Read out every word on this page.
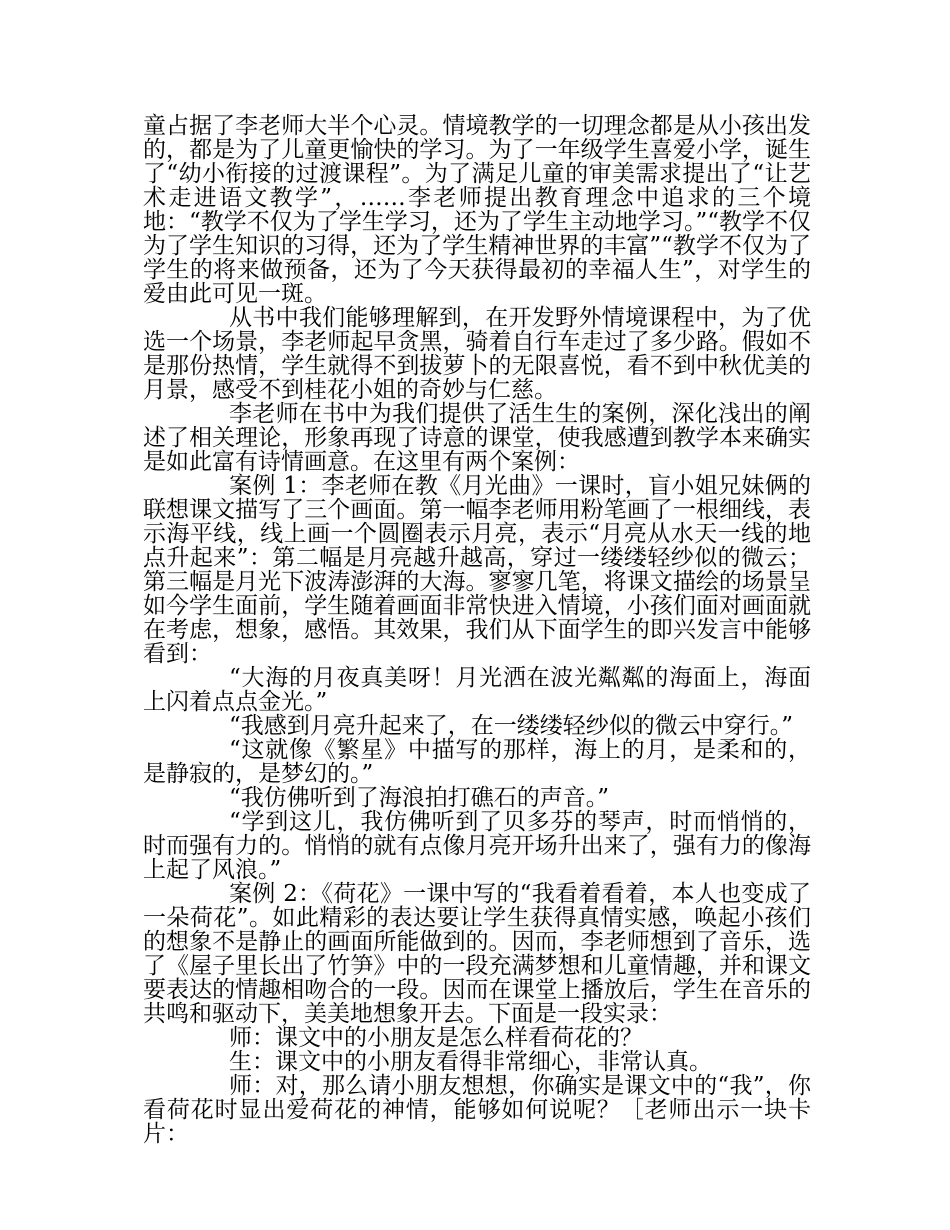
童占据了李老师大半个心灵。情境教学的一切理念都是从小孩出发的，都是为了儿童更愉快的学习。为了一年级学生喜爱小学，诞生了“幼小衔接的过渡课程”。为了满足儿童的审美需求提出了“让艺术走进语文教学”，……李老师提出教育理念中追求的三个境地：“教学不仅为了学生学习，还为了学生主动地学习。”“教学不仅为了学生知识的习得，还为了学生精神世界的丰富”“教学不仅为了学生的将来做预备，还为了今天获得最初的幸福人生”，对学生的爱由此可见一斑。

从书中我们能够理解到，在开发野外情境课程中，为了优选一个场景，李老师起早贪黑，骑着自行车走过了多少路。假如不是那份热情，学生就得不到拔萝卜的无限喜悦，看不到中秋优美的月景，感受不到桂花小姐的奇妙与仁慈。

李老师在书中为我们提供了活生生的案例，深化浅出的阐述了相关理论，形象再现了诗意的课堂，使我感遭到教学本来确实是如此富有诗情画意。在这里有两个案例：

案例 1：李老师在教《月光曲》一课时，盲小姐兄妹俩的联想课文描写了三个画面。第一幅李老师用粉笔画了一根细线，表示海平线，线上画一个圆圈表示月亮，表示“月亮从水天一线的地点升起来”：第二幅是月亮越升越高，穿过一缕缕轻纱似的微云；第三幅是月光下波涛澎湃的大海。寥寥几笔，将课文描绘的场景呈如今学生面前，学生随着画面非常快进入情境，小孩们面对画面就在考虑，想象，感悟。其效果，我们从下面学生的即兴发言中能够看到：

“大海的月夜真美呀！月光洒在波光粼粼的海面上，海面上闪着点点金光。”

“我感到月亮升起来了，在一缕缕轻纱似的微云中穿行。”

“这就像《繁星》中描写的那样，海上的月，是柔和的，是静寂的，是梦幻的。”

“我仿佛听到了海浪拍打礁石的声音。”

“学到这儿，我仿佛听到了贝多芬的琴声，时而悄悄的，时而强有力的。悄悄的就有点像月亮开场升出来了，强有力的像海上起了风浪。”

案例 2：《荷花》一课中写的“我看着看着，本人也变成了一朵荷花”。如此精彩的表达要让学生获得真情实感，唤起小孩们的想象不是静止的画面所能做到的。因而，李老师想到了音乐，选了《屋子里长出了竹笋》中的一段充满梦想和儿童情趣，并和课文要表达的情趣相吻合的一段。因而在课堂上播放后，学生在音乐的共鸣和驱动下，美美地想象开去。下面是一段实录：

师：课文中的小朋友是怎么样看荷花的？

生：课文中的小朋友看得非常细心，非常认真。

师：对，那么请小朋友想想，你确实是课文中的“我”，你看荷花时显出爱荷花的神情，能够如何说呢？［老师出示一块卡片：
